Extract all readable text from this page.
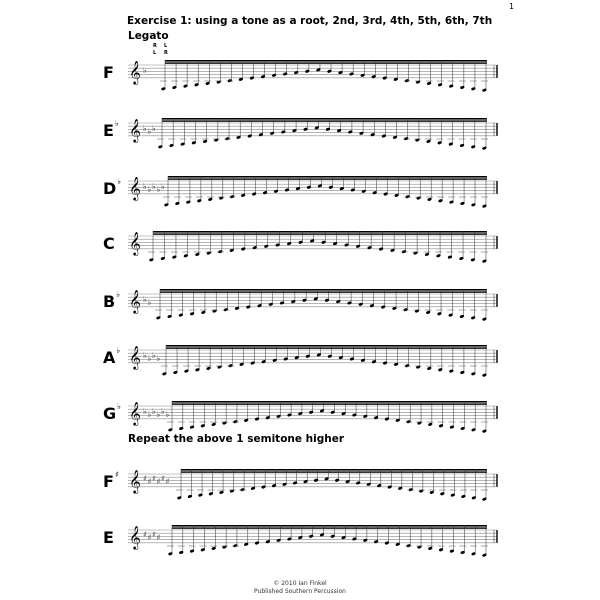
1
Exercise 1: using a tone as a root, 2nd, 3rd, 4th, 5th, 6th, 7th
Legato
R L
L R
F 𝄞 ♭
E♭ 𝄞 ♭ ♭ ♭
D♭ 𝄞 ♭ ♭ ♭ ♭ ♭
C 𝄞
B♭ 𝄞 ♭ ♭
A♭ 𝄞 ♭ ♭ ♭ ♭
G♭ 𝄞 ♭ ♭ ♭ ♭ ♭ ♭
F♯ 𝄞 ♯ ♯ ♯ ♯ ♯ ♯
E 𝄞 ♯ ♯ ♯ ♯
Repeat the above 1 semitone higher
© 2010 Ian Finkel
Published Southern Percussion
